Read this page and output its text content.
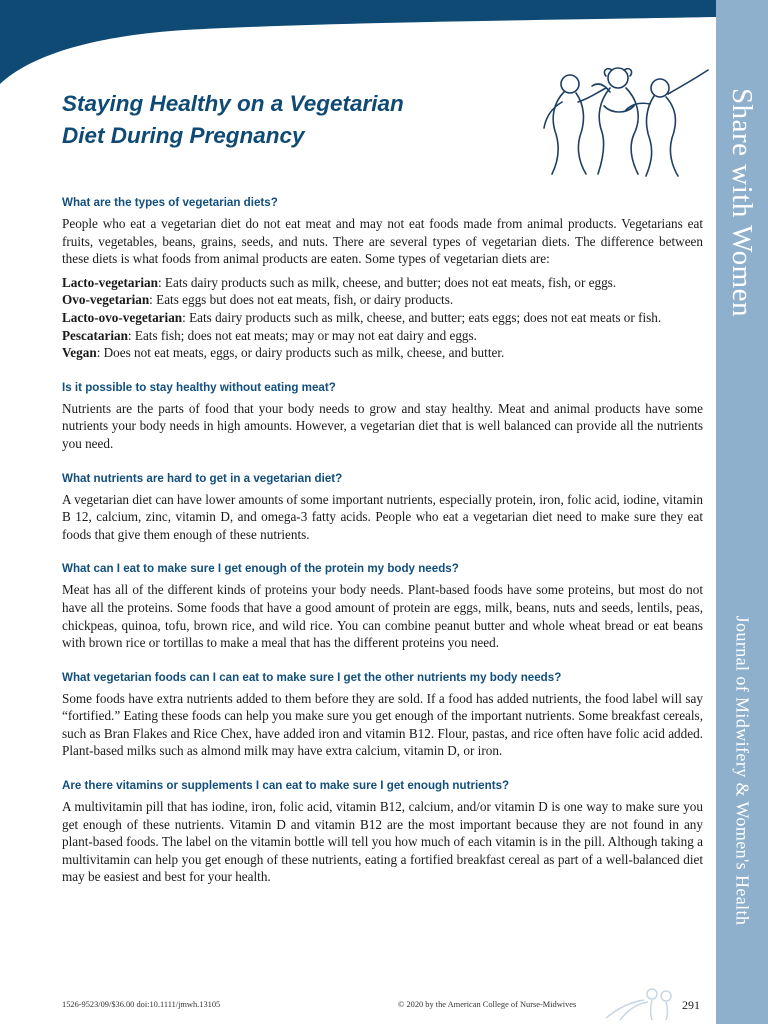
Share with Women
Journal of Midwifery & Women's Health
Staying Healthy on a Vegetarian
Diet During Pregnancy
What are the types of vegetarian diets?

People who eat a vegetarian diet do not eat meat and may not eat foods made from animal products. Vegetarians eat fruits, vegetables, beans, grains, seeds, and nuts. There are several types of vegetarian diets. The difference between these diets is what foods from animal products are eaten. Some types of vegetarian diets are:

Lacto-vegetarian: Eats dairy products such as milk, cheese, and butter; does not eat meats, fish, or eggs.

Ovo-vegetarian: Eats eggs but does not eat meats, fish, or dairy products.

Lacto-ovo-vegetarian: Eats dairy products such as milk, cheese, and butter; eats eggs; does not eat meats or fish.

Pescatarian: Eats fish; does not eat meats; may or may not eat dairy and eggs.

Vegan: Does not eat meats, eggs, or dairy products such as milk, cheese, and butter.

Is it possible to stay healthy without eating meat?

Nutrients are the parts of food that your body needs to grow and stay healthy. Meat and animal products have some nutrients your body needs in high amounts. However, a vegetarian diet that is well balanced can provide all the nutrients you need.

What nutrients are hard to get in a vegetarian diet?

A vegetarian diet can have lower amounts of some important nutrients, especially protein, iron, folic acid, iodine, vitamin B 12, calcium, zinc, vitamin D, and omega-3 fatty acids. People who eat a vegetarian diet need to make sure they eat foods that give them enough of these nutrients.

What can I eat to make sure I get enough of the protein my body needs?

Meat has all of the different kinds of proteins your body needs. Plant-based foods have some proteins, but most do not have all the proteins. Some foods that have a good amount of protein are eggs, milk, beans, nuts and seeds, lentils, peas, chickpeas, quinoa, tofu, brown rice, and wild rice. You can combine peanut butter and whole wheat bread or eat beans with brown rice or tortillas to make a meal that has the different proteins you need.

What vegetarian foods can I can eat to make sure I get the other nutrients my body needs?

Some foods have extra nutrients added to them before they are sold. If a food has added nutrients, the food label will say “fortified.” Eating these foods can help you make sure you get enough of the important nutrients. Some breakfast cereals, such as Bran Flakes and Rice Chex, have added iron and vitamin B12. Flour, pastas, and rice often have folic acid added. Plant-based milks such as almond milk may have extra calcium, vitamin D, or iron.

Are there vitamins or supplements I can eat to make sure I get enough nutrients?

A multivitamin pill that has iodine, iron, folic acid, vitamin B12, calcium, and/or vitamin D is one way to make sure you get enough of these nutrients. Vitamin D and vitamin B12 are the most important because they are not found in any plant-based foods. The label on the vitamin bottle will tell you how much of each vitamin is in the pill. Although taking a multivitamin can help you get enough of these nutrients, eating a fortified breakfast cereal as part of a well-balanced diet may be easiest and best for your health.

1526-9523/09/$36.00 doi:10.1111/jmwh.13105	© 2020 by the American College of Nurse-Midwives	291
